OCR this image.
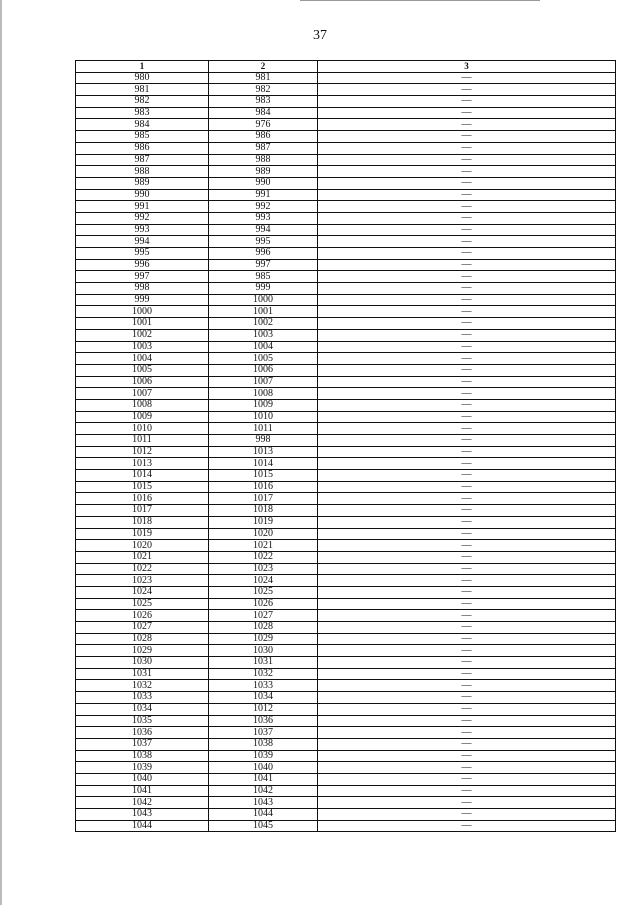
37
1	2	3
980	981	—
981	982	—
982	983	—
983	984	—
984	976	—
985	986	—
986	987	—
987	988	—
988	989	—
989	990	—
990	991	—
991	992	—
992	993	—
993	994	—
994	995	—
995	996	—
996	997	—
997	985	—
998	999	—
999	1000	—
1000	1001	—
1001	1002	—
1002	1003	—
1003	1004	—
1004	1005	—
1005	1006	—
1006	1007	—
1007	1008	—
1008	1009	—
1009	1010	—
1010	1011	—
1011	998	—
1012	1013	—
1013	1014	—
1014	1015	—
1015	1016	—
1016	1017	—
1017	1018	—
1018	1019	—
1019	1020	—
1020	1021	—
1021	1022	—
1022	1023	—
1023	1024	—
1024	1025	—
1025	1026	—
1026	1027	—
1027	1028	—
1028	1029	—
1029	1030	—
1030	1031	—
1031	1032	—
1032	1033	—
1033	1034	—
1034	1012	—
1035	1036	—
1036	1037	—
1037	1038	—
1038	1039	—
1039	1040	—
1040	1041	—
1041	1042	—
1042	1043	—
1043	1044	—
1044	1045	—
